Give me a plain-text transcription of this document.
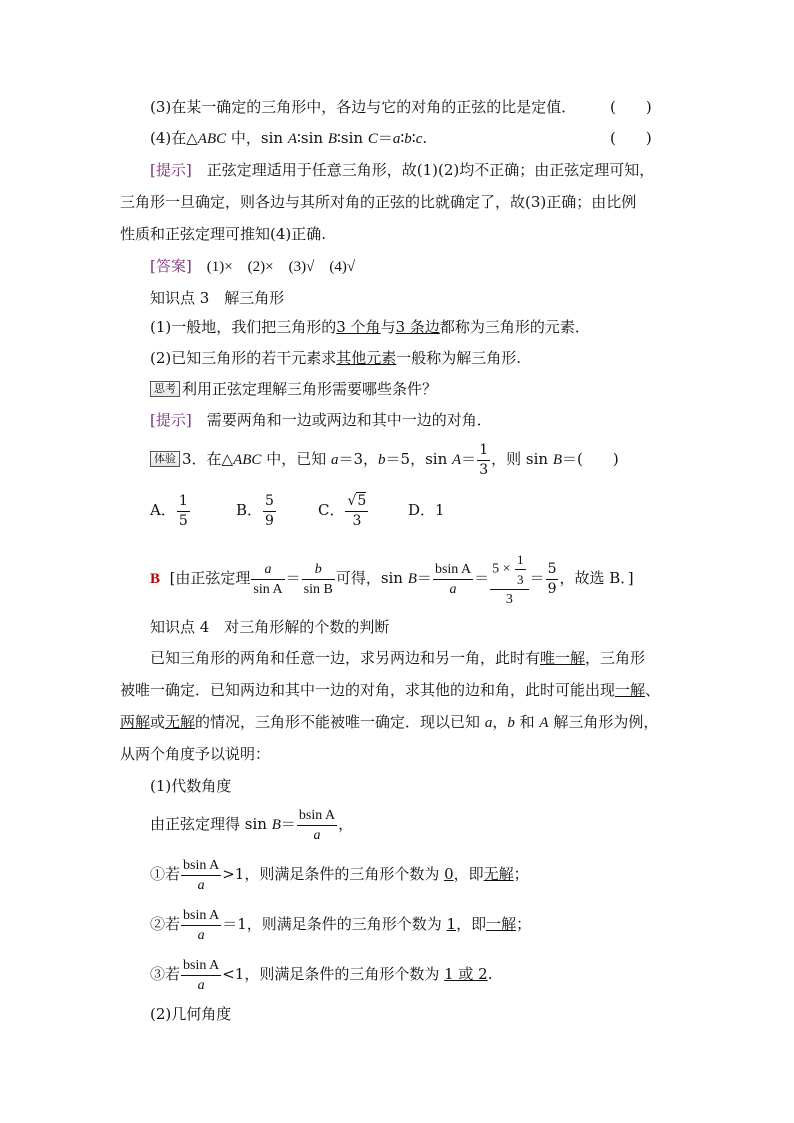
(3)在某一确定的三角形中，各边与它的对角的正弦的比是定值． (　　)
(4)在△ABC 中，sin A∶sin B∶sin C＝a∶b∶c.	(　　)
[提示]　正弦定理适用于任意三角形，故(1)(2)均不正确；由正弦定理可知，
三角形一旦确定，则各边与其所对角的正弦的比就确定了，故(3)正确；由比例
性质和正弦定理可推知(4)正确.
[答案]　(1)×　(2)×　(3)√　(4)√
知识点 3　解三角形
(1)一般地，我们把三角形的3 个角与3 条边都称为三角形的元素．
(2)已知三角形的若干元素求其他元素一般称为解三角形.
思考 利用正弦定理解三角形需要哪些条件？
[提示]　需要两角和一边或两边和其中一边的对角．
体验 3．在△ABC 中，已知 a＝3，b＝5，$\sin A= \frac{1}{3}$ ，则 sin B＝(　　)
A． $\frac{1}{5}$	B． $\frac{5}{9}$	C． $\frac{√5}{3}$	D．1
B [由正弦定理 $\frac{a}{\text{sin A}} = \frac{b}{\text{sin B}}$ 可得，$\sin B= \frac{\text{bsin A}}{a} = \frac{5 \times \frac{1}{3}}{3} = \frac{5}{9}$ ，故选 B．]
知识点 4　对三角形解的个数的判断
已知三角形的两角和任意一边，求另两边和另一角，此时有唯一解，三角形
被唯一确定．已知两边和其中一边的对角，求其他的边和角，此时可能出现一解、
两解或无解的情况，三角形不能被唯一确定．现以已知 a，b 和 A 解三角形为例，
从两个角度予以说明：
(1)代数角度
由正弦定理得 $\sin B= \frac{\text{bsin A}}{a}$ ，
①若 $\frac{\text{bsin A}}{a} >1$，则满足条件的三角形个数为 0，即无解；
②若 $\frac{\text{bsin A}}{a} =1$，则满足条件的三角形个数为 1，即一解；
③若 $\frac{\text{bsin A}}{a} <1$，则满足条件的三角形个数为 1 或 2.
(2)几何角度
